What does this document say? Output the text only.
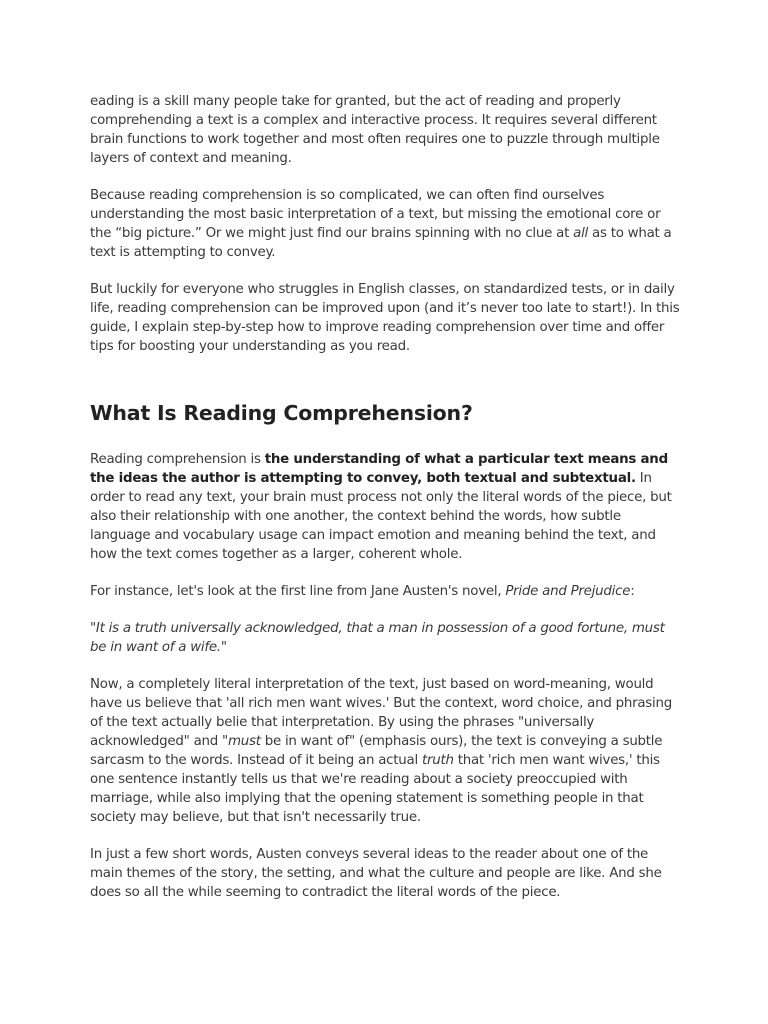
eading is a skill many people take for granted, but the act of reading and properly comprehending a text is a complex and interactive process. It requires several different brain functions to work together and most often requires one to puzzle through multiple layers of context and meaning.

Because reading comprehension is so complicated, we can often find ourselves understanding the most basic interpretation of a text, but missing the emotional core or the “big picture.” Or we might just find our brains spinning with no clue at all as to what a text is attempting to convey.

But luckily for everyone who struggles in English classes, on standardized tests, or in daily life, reading comprehension can be improved upon (and it’s never too late to start!). In this guide, I explain step-by-step how to improve reading comprehension over time and offer tips for boosting your understanding as you read.

What Is Reading Comprehension?

Reading comprehension is the understanding of what a particular text means and the ideas the author is attempting to convey, both textual and subtextual. In order to read any text, your brain must process not only the literal words of the piece, but also their relationship with one another, the context behind the words, how subtle language and vocabulary usage can impact emotion and meaning behind the text, and how the text comes together as a larger, coherent whole.

For instance, let's look at the first line from Jane Austen's novel, Pride and Prejudice:

"It is a truth universally acknowledged, that a man in possession of a good fortune, must be in want of a wife."

Now, a completely literal interpretation of the text, just based on word-meaning, would have us believe that 'all rich men want wives.' But the context, word choice, and phrasing of the text actually belie that interpretation. By using the phrases "universally acknowledged" and "must be in want of" (emphasis ours), the text is conveying a subtle sarcasm to the words. Instead of it being an actual truth that 'rich men want wives,' this one sentence instantly tells us that we're reading about a society preoccupied with marriage, while also implying that the opening statement is something people in that society may believe, but that isn't necessarily true.

In just a few short words, Austen conveys several ideas to the reader about one of the main themes of the story, the setting, and what the culture and people are like. And she does so all the while seeming to contradict the literal words of the piece.
